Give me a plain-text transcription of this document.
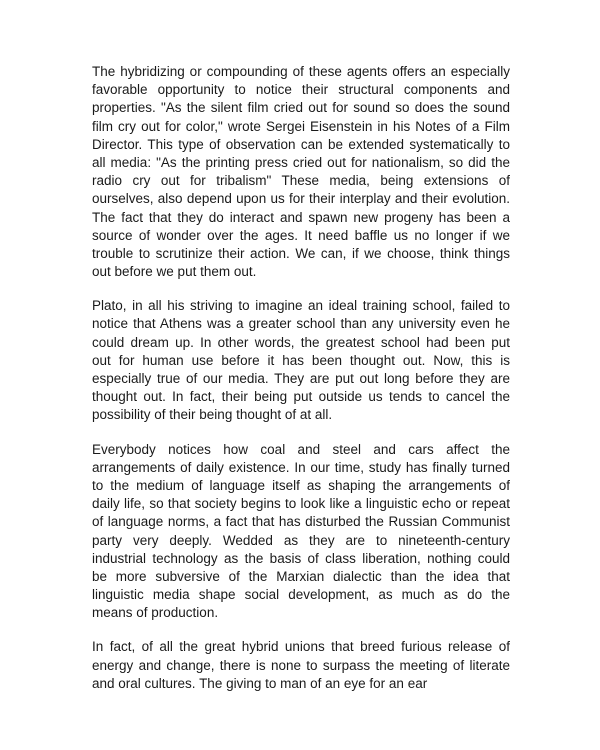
The hybridizing or compounding of these agents offers an especially
favorable opportunity to notice their structural components and
properties. "As the silent film cried out for sound so does the sound
film cry out for color," wrote Sergei Eisenstein in his Notes of a Film
Director. This type of observation can be extended systematically to
all media: "As the printing press cried out for nationalism, so did the
radio cry out for tribalism" These media, being extensions of
ourselves, also depend upon us for their interplay and their evolution.
The fact that they do interact and spawn new progeny has been a
source of wonder over the ages. It need baffle us no longer if we
trouble to scrutinize their action. We can, if we choose, think things
out before we put them out.

Plato, in all his striving to imagine an ideal training school, failed to
notice that Athens was a greater school than any university even he
could dream up. In other words, the greatest school had been put
out for human use before it has been thought out. Now, this is
especially true of our media. They are put out long before they are
thought out. In fact, their being put outside us tends to cancel the
possibility of their being thought of at all.

Everybody notices how coal and steel and cars affect the
arrangements of daily existence. In our time, study has finally turned
to the medium of language itself as shaping the arrangements of
daily life, so that society begins to look like a linguistic echo or repeat
of language norms, a fact that has disturbed the Russian Communist
party very deeply. Wedded as they are to nineteenth-century
industrial technology as the basis of class liberation, nothing could
be more subversive of the Marxian dialectic than the idea that
linguistic media shape social development, as much as do the
means of production.

In fact, of all the great hybrid unions that breed furious release of
energy and change, there is none to surpass the meeting of literate
and oral cultures. The giving to man of an eye for an ear
